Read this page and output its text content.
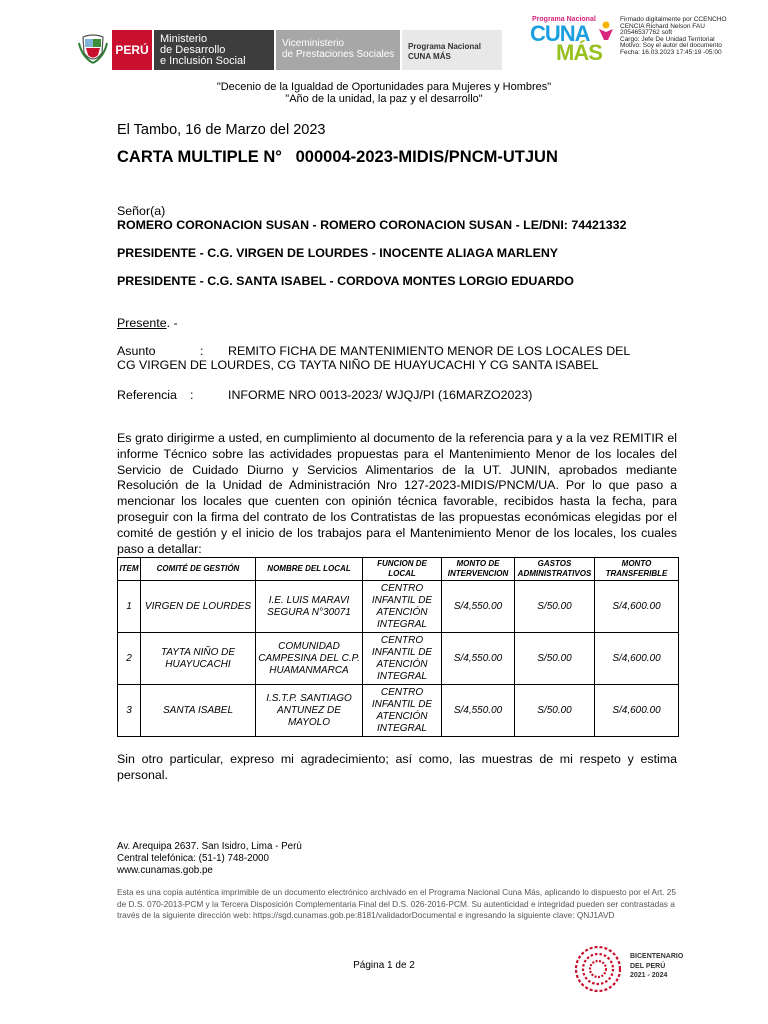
PERÚ
Ministerio
de Desarrollo
e Inclusión Social
Viceministerio
de Prestaciones Sociales
Programa Nacional
CUNA MÁS
Programa Nacional
CUNA
MÁS
Firmado digitalmente por CCENCHO
CENCIA Richard Nelson FAU
20546537762 soft
Cargo: Jefe De Unidad Territorial
Motivo: Soy el autor del documento
Fecha: 16.03.2023 17:45:19 -05:00
"Decenio de la Igualdad de Oportunidades para Mujeres y Hombres"
"Año de la unidad, la paz y el desarrollo"
El Tambo, 16 de Marzo del 2023
CARTA MULTIPLE N°   000004-2023-MIDIS/PNCM-UTJUN
Señor(a)
ROMERO CORONACION SUSAN - ROMERO CORONACION SUSAN - LE/DNI: 74421332
PRESIDENTE - C.G. VIRGEN DE LOURDES - INOCENTE ALIAGA MARLENY
PRESIDENTE - C.G. SANTA ISABEL - CORDOVA MONTES LORGIO EDUARDO
Presente. -
Asunto	: REMITO FICHA DE MANTENIMIENTO MENOR DE LOS LOCALES DEL
CG VIRGEN DE LOURDES, CG TAYTA NIÑO DE HUAYUCACHI Y CG SANTA ISABEL
Referencia :	INFORME NRO 0013-2023/ WJQJ/PI (16MARZO2023)
Es grato dirigirme a usted, en cumplimiento al documento de la referencia para y a la vez REMITIR el informe Técnico sobre las actividades propuestas para el Mantenimiento Menor de los locales del Servicio de Cuidado Diurno y Servicios Alimentarios de la UT. JUNIN, aprobados mediante Resolución de la Unidad de Administración Nro 127-2023-MIDIS/PNCM/UA. Por lo que paso a mencionar los locales que cuenten con opinión técnica favorable, recibidos hasta la fecha, para proseguir con la firma del contrato de los Contratistas de las propuestas económicas elegidas por el comité de gestión y el inicio de los trabajos para el Mantenimiento Menor de los locales, los cuales paso a detallar:
ITEM	COMITÉ DE GESTIÓN	NOMBRE DEL LOCAL	FUNCION DE LOCAL	MONTO DE INTERVENCION	GASTOS ADMINISTRATIVOS	MONTO TRANSFERIBLE
1	VIRGEN DE LOURDES	I.E. LUIS MARAVI SEGURA N°30071	CENTRO INFANTIL DE ATENCIÓN INTEGRAL	S/4,550.00	S/50.00	S/4,600.00
2	TAYTA NIÑO DE HUAYUCACHI	COMUNIDAD CAMPESINA DEL C.P. HUAMANMARCA	CENTRO INFANTIL DE ATENCIÓN INTEGRAL	S/4,550.00	S/50.00	S/4,600.00
3	SANTA ISABEL	I.S.T.P. SANTIAGO ANTUNEZ DE MAYOLO	CENTRO INFANTIL DE ATENCIÓN INTEGRAL	S/4,550.00	S/50.00	S/4,600.00
Sin otro particular, expreso mi agradecimiento; así como, las muestras de mi respeto y estima personal.
Av. Arequipa 2637. San Isidro, Lima - Perú
Central telefónica: (51-1) 748-2000
www.cunamas.gob.pe
Esta es una copia auténtica imprimible de un documento electrónico archivado en el Programa Nacional Cuna Más, aplicando lo dispuesto por el Art. 25 de D.S. 070-2013-PCM y la Tercera Disposición Complementaria Final del D.S. 026-2016-PCM. Su autenticidad e integridad pueden ser contrastadas a través de la siguiente dirección web: https://sgd.cunamas.gob.pe:8181/validadorDocumental e ingresando la siguiente clave: QNJ1AVD
Página 1 de 2
BICENTENARIO
DEL PERÚ
2021 - 2024
